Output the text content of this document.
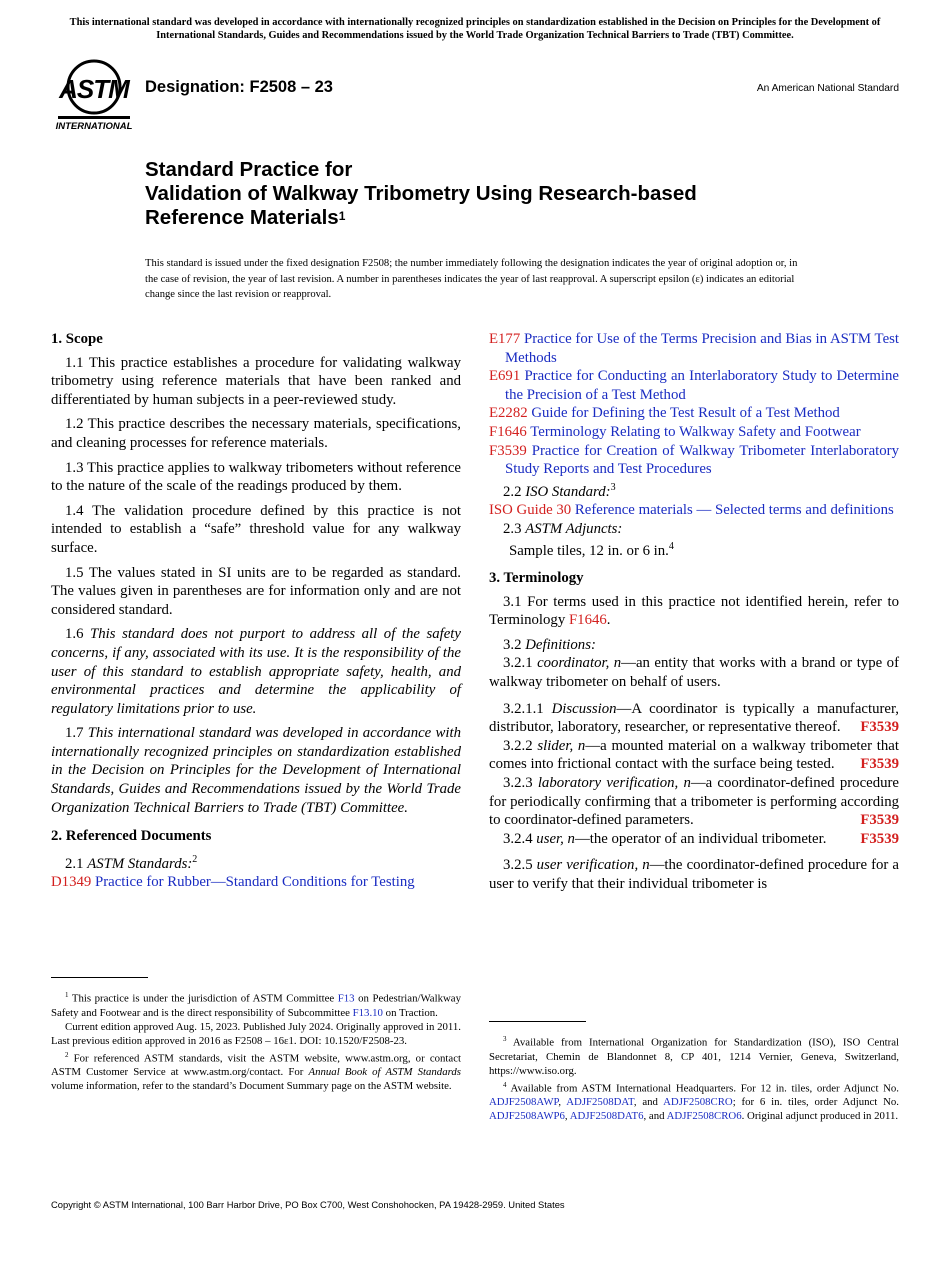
This international standard was developed in accordance with internationally recognized principles on standardization established in the Decision on Principles for the Development of International Standards, Guides and Recommendations issued by the World Trade Organization Technical Barriers to Trade (TBT) Committee.
ASTM
INTERNATIONAL
Designation: F2508 – 23	An American National Standard
Standard Practice for
Validation of Walkway Tribometry Using Research-based
Reference Materials$^1$
This standard is issued under the fixed designation F2508; the number immediately following the designation indicates the year of original adoption or, in the case of revision, the year of last revision. A number in parentheses indicates the year of last reapproval. A superscript epsilon (ε) indicates an editorial change since the last revision or reapproval.
1. Scope
1.1 This practice establishes a procedure for validating walkway tribometry using reference materials that have been ranked and differentiated by human subjects in a peer-reviewed study.
1.2 This practice describes the necessary materials, specifications, and cleaning processes for reference materials.
1.3 This practice applies to walkway tribometers without reference to the nature of the scale of the readings produced by them.
1.4 The validation procedure defined by this practice is not intended to establish a “safe” threshold value for any walkway surface.
1.5 The values stated in SI units are to be regarded as standard. The values given in parentheses are for information only and are not considered standard.
1.6 This standard does not purport to address all of the safety concerns, if any, associated with its use. It is the responsibility of the user of this standard to establish appropriate safety, health, and environmental practices and determine the applicability of regulatory limitations prior to use.
1.7 This international standard was developed in accordance with internationally recognized principles on standardization established in the Decision on Principles for the Development of International Standards, Guides and Recommendations issued by the World Trade Organization Technical Barriers to Trade (TBT) Committee.
2. Referenced Documents
2.1 ASTM Standards:$^2$
D1349 Practice for Rubber—Standard Conditions for Testing

$^1$ This practice is under the jurisdiction of ASTM Committee F13 on Pedestrian/Walkway Safety and Footwear and is the direct responsibility of Subcommittee F13.10 on Traction.

Current edition approved Aug. 15, 2023. Published July 2024. Originally approved in 2011. Last previous edition approved in 2016 as F2508 – 16ε1. DOI: 10.1520/F2508-23.

$^2$ For referenced ASTM standards, visit the ASTM website, www.astm.org, or contact ASTM Customer Service at www.astm.org/contact. For Annual Book of ASTM Standards volume information, refer to the standard’s Document Summary page on the ASTM website.

E177 Practice for Use of the Terms Precision and Bias in ASTM Test Methods
E691 Practice for Conducting an Interlaboratory Study to Determine the Precision of a Test Method
E2282 Guide for Defining the Test Result of a Test Method
F1646 Terminology Relating to Walkway Safety and Footwear
F3539 Practice for Creation of Walkway Tribometer Interlaboratory Study Reports and Test Procedures
2.2 ISO Standard:$^3$
ISO Guide 30 Reference materials — Selected terms and definitions
2.3 ASTM Adjuncts:
Sample tiles, 12 in. or 6 in.$^4$
3. Terminology
3.1 For terms used in this practice not identified herein, refer to Terminology F1646.
3.2 Definitions:
3.2.1 coordinator, n—an entity that works with a brand or type of walkway tribometer on behalf of users.
3.2.1.1 Discussion—A coordinator is typically a manufacturer, distributor, laboratory, researcher, or representative thereof.	F3539
3.2.2 slider, n—a mounted material on a walkway tribometer that comes into frictional contact with the surface being tested.	F3539
3.2.3 laboratory verification, n—a coordinator-defined procedure for periodically confirming that a tribometer is performing according to coordinator-defined parameters.	F3539
3.2.4 user, n—the operator of an individual tribometer.	F3539
3.2.5 user verification, n—the coordinator-defined procedure for a user to verify that their individual tribometer is

$^3$ Available from International Organization for Standardization (ISO), ISO Central Secretariat, Chemin de Blandonnet 8, CP 401, 1214 Vernier, Geneva, Switzerland, https://www.iso.org.

$^4$ Available from ASTM International Headquarters. For 12 in. tiles, order Adjunct No. ADJF2508AWP, ADJF2508DAT, and ADJF2508CRO; for 6 in. tiles, order Adjunct No. ADJF2508AWP6, ADJF2508DAT6, and ADJF2508CRO6. Original adjunct produced in 2011.

Copyright © ASTM International, 100 Barr Harbor Drive, PO Box C700, West Conshohocken, PA 19428-2959. United States
